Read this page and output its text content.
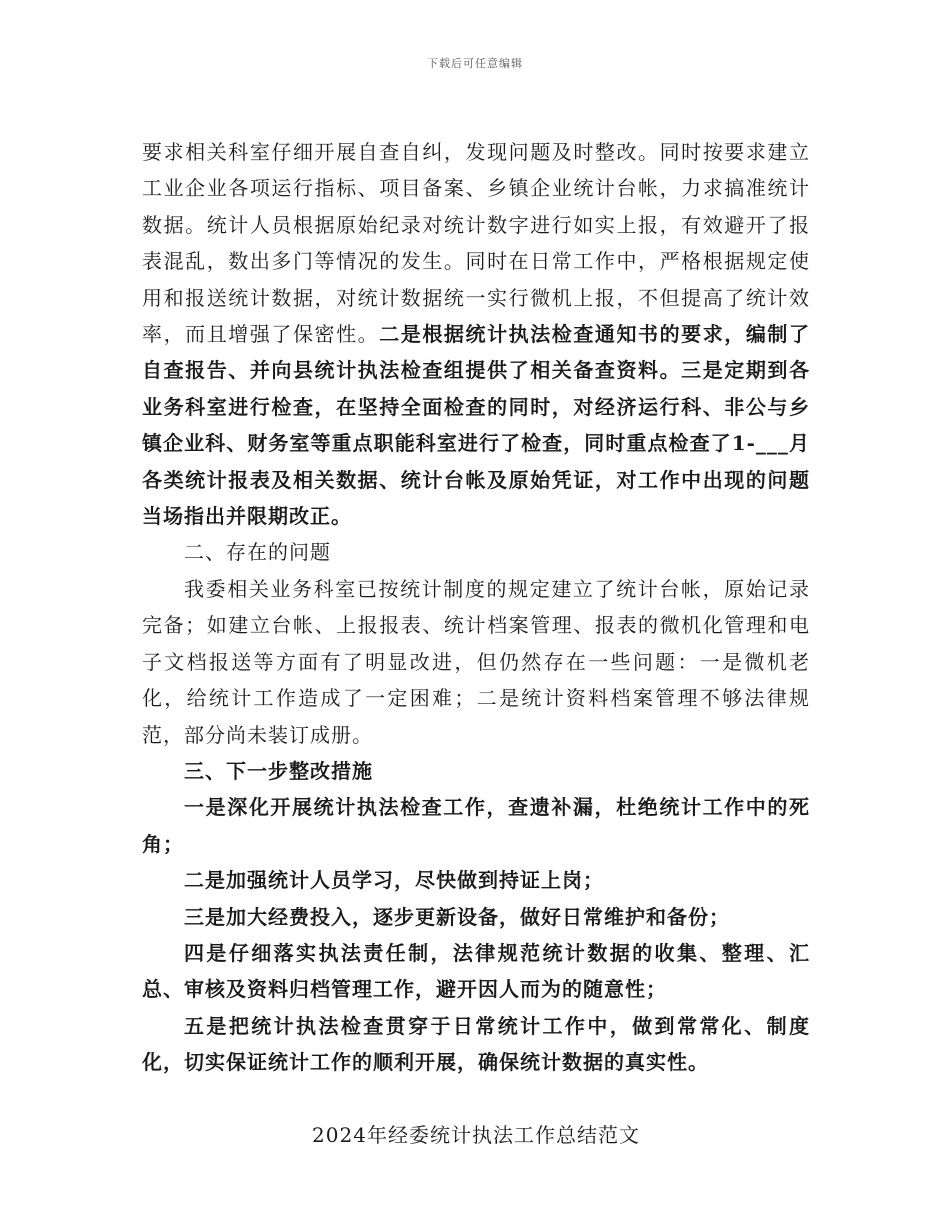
下载后可任意编辑

要求相关科室仔细开展自查自纠，发现问题及时整改。同时按要求建立工业企业各项运行指标、项目备案、乡镇企业统计台帐，力求搞准统计数据。统计人员根据原始纪录对统计数字进行如实上报，有效避开了报表混乱，数出多门等情况的发生。同时在日常工作中，严格根据规定使用和报送统计数据，对统计数据统一实行微机上报，不但提高了统计效率，而且增强了保密性。二是根据统计执法检查通知书的要求，编制了自查报告、并向县统计执法检查组提供了相关备查资料。三是定期到各业务科室进行检查，在坚持全面检查的同时，对经济运行科、非公与乡镇企业科、财务室等重点职能科室进行了检查，同时重点检查了1-___月各类统计报表及相关数据、统计台帐及原始凭证，对工作中出现的问题当场指出并限期改正。

二、存在的问题

我委相关业务科室已按统计制度的规定建立了统计台帐，原始记录完备；如建立台帐、上报报表、统计档案管理、报表的微机化管理和电子文档报送等方面有了明显改进，但仍然存在一些问题：一是微机老化，给统计工作造成了一定困难；二是统计资料档案管理不够法律规范，部分尚未装订成册。

三、下一步整改措施

一是深化开展统计执法检查工作，查遗补漏，杜绝统计工作中的死角；

二是加强统计人员学习，尽快做到持证上岗；

三是加大经费投入，逐步更新设备，做好日常维护和备份；

四是仔细落实执法责任制，法律规范统计数据的收集、整理、汇总、审核及资料归档管理工作，避开因人而为的随意性；

五是把统计执法检查贯穿于日常统计工作中，做到常常化、制度化，切实保证统计工作的顺利开展，确保统计数据的真实性。

2024年经委统计执法工作总结范文
